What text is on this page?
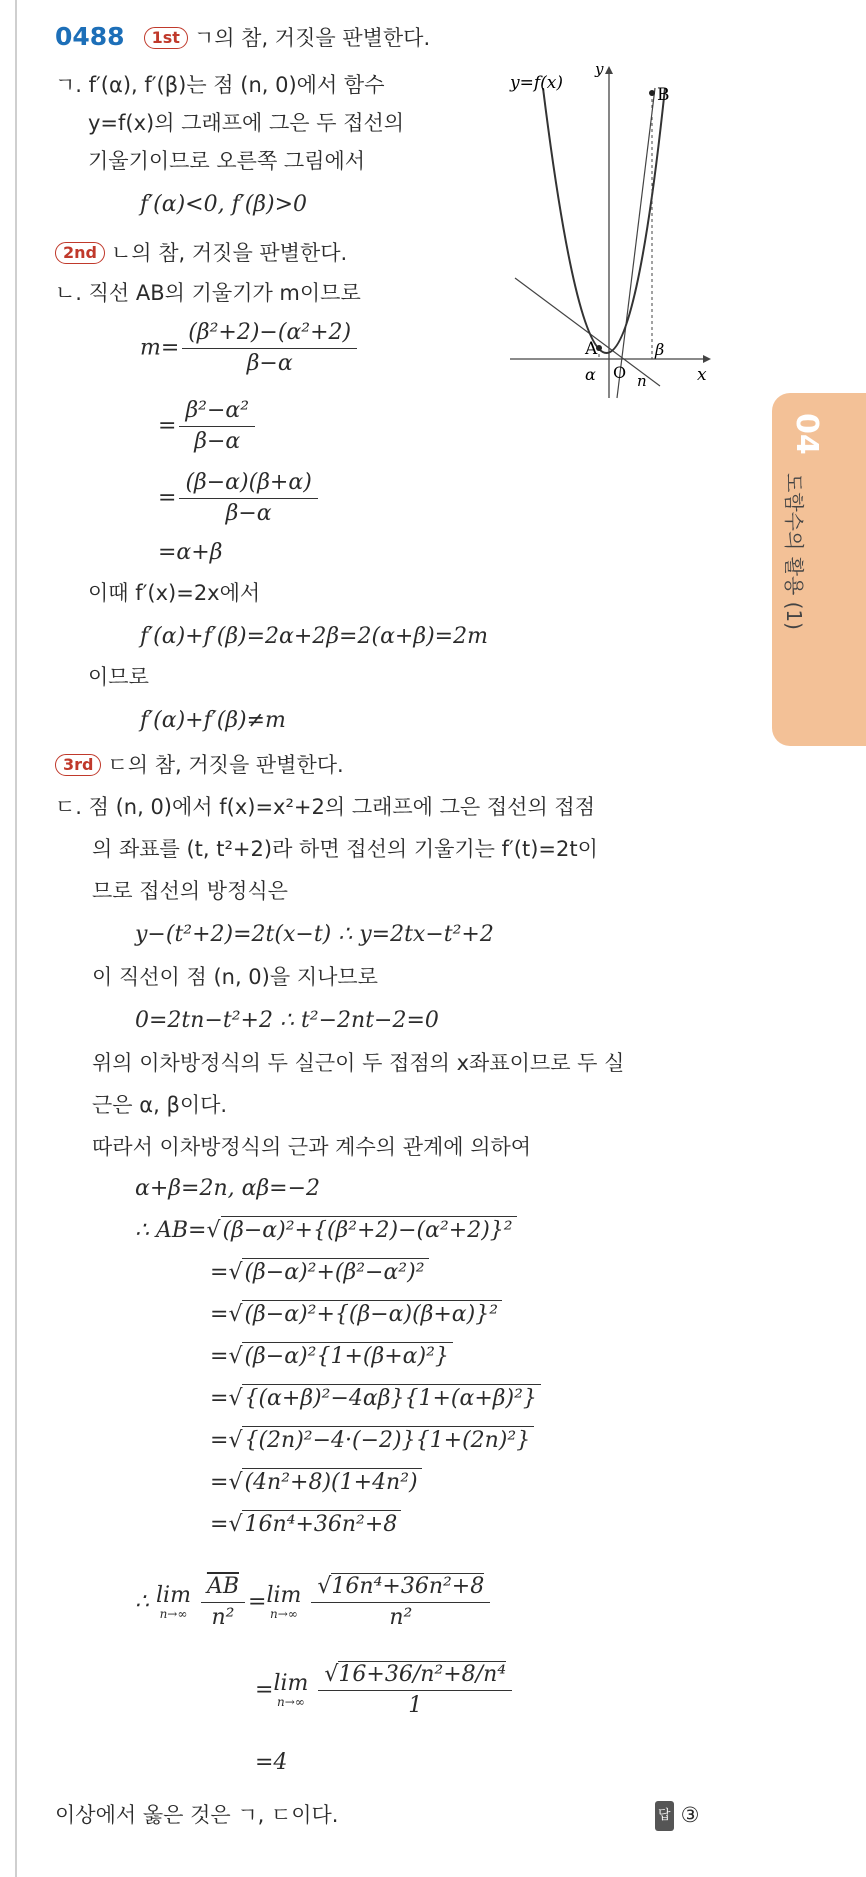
0488 1st ㄱ의 참, 거짓을 판별한다.
ㄱ. f′(α), f′(β)는 점 (n, 0)에서 함수
y=f(x)의 그래프에 그은 두 접선의
기울기이므로 오른쪽 그림에서
f′(α)<0, f′(β)>0
2nd ㄴ의 참, 거짓을 판별한다.
ㄴ. 직선 AB의 기울기가 m이므로
$m= \frac{\text{(β²+2)−(α²+2)}}{\beta-\alpha}$
= $\frac{\text{β²−α²}}{\beta-\alpha}$
= $\frac{(\beta-\alpha)(\beta+\alpha)}{\beta-\alpha}$
=α+β
이때 f′(x)=2x에서
f′(α)+f′(β)=2α+2β=2(α+β)=2m
이므로
f′(α)+f′(β)≠m
y=f(x)
y
B
A	β
α O n	x
04
도함수의 활용 (1)
3rd ㄷ의 참, 거짓을 판별한다.
ㄷ. 점 (n, 0)에서 f(x)=x²+2의 그래프에 그은 접선의 접점
의 좌표를 (t, t²+2)라 하면 접선의 기울기는 f′(t)=2t이
므로 접선의 방정식은
y−(t²+2)=2t(x−t) ∴ y=2tx−t²+2
이 직선이 점 (n, 0)을 지나므로
0=2tn−t²+2 ∴ t²−2nt−2=0
위의 이차방정식의 두 실근이 두 접점의 x좌표이므로 두 실
근은 α, β이다.
따라서 이차방정식의 근과 계수의 관계에 의하여
α+β=2n, αβ=−2
∴ AB=√(β−α)²+{(β²+2)−(α²+2)}²
=√(β−α)²+(β²−α²)²
=√(β−α)²+{(β−α)(β+α)}²
=√(β−α)²{1+(β+α)²}
=√{(α+β)²−4αβ}{1+(α+β)²}
=√{(2n)²−4·(−2)}{1+(2n)²}
=√(4n²+8)(1+4n²)
=√16n⁴+36n²+8
∴ lim
n→∞
$\frac{\overline{AB}}{\text{n²}} =\lim$
n→∞
$\frac{\text{√16n⁴+36n²+8}}{\text{n²}}$
=lim
n→∞
$\frac{\text{√16+36/n²+8/n⁴}}{1}$
=4
이상에서 옳은 것은 ㄱ, ㄷ이다.	답 ③
